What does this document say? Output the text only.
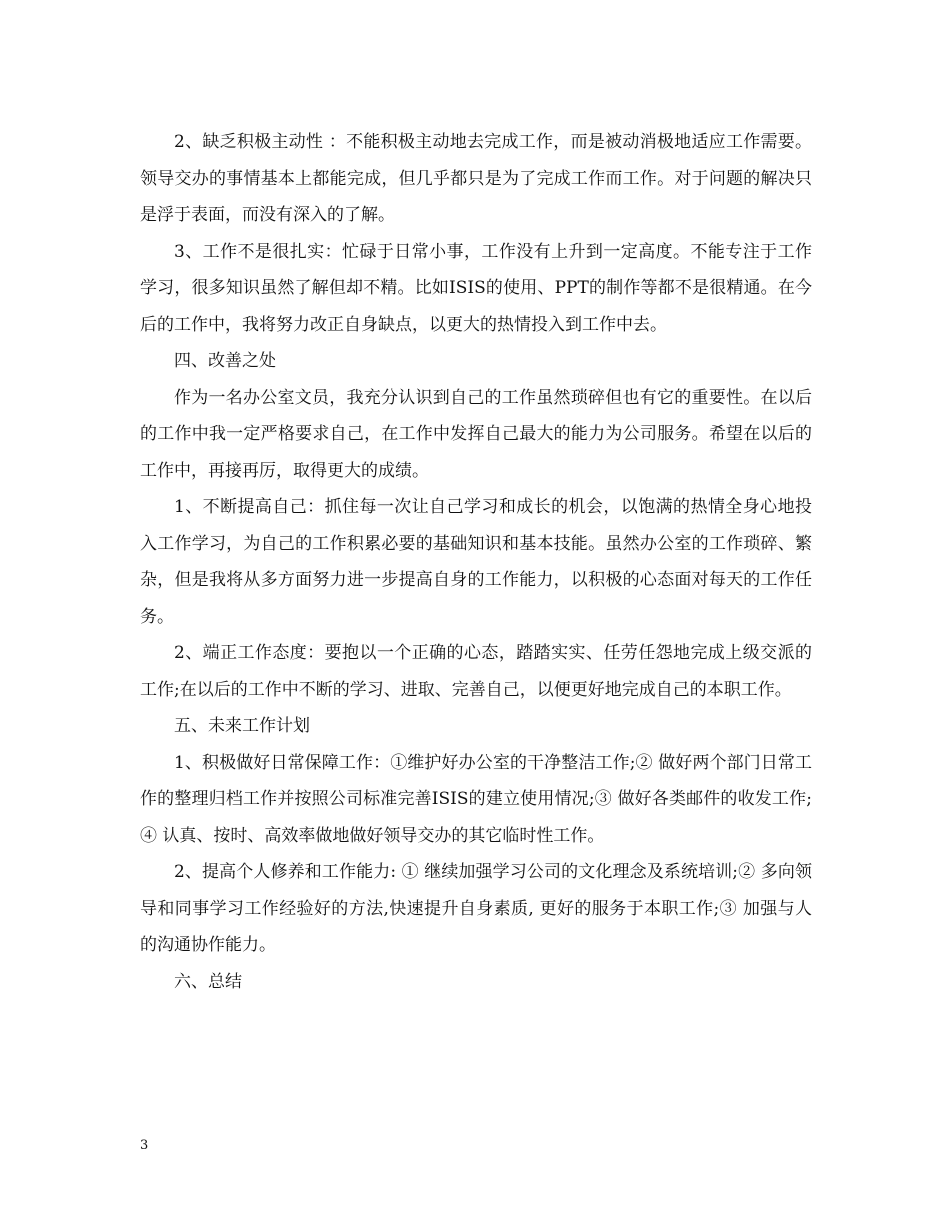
2、缺乏积极主动性 ：不能积极主动地去完成工作，而是被动消极地适应工作需要。领导交办的事情基本上都能完成，但几乎都只是为了完成工作而工作。对于问题的解决只是浮于表面，而没有深入的了解。

3、工作不是很扎实：忙碌于日常小事，工作没有上升到一定高度。不能专注于工作学习，很多知识虽然了解但却不精。比如ISIS的使用、PPT的制作等都不是很精通。在今后的工作中，我将努力改正自身缺点，以更大的热情投入到工作中去。

四、改善之处

作为一名办公室文员，我充分认识到自己的工作虽然琐碎但也有它的重要性。在以后的工作中我一定严格要求自己，在工作中发挥自己最大的能力为公司服务。希望在以后的工作中，再接再厉，取得更大的成绩。

1、不断提高自己：抓住每一次让自己学习和成长的机会，以饱满的热情全身心地投入工作学习，为自己的工作积累必要的基础知识和基本技能。虽然办公室的工作琐碎、繁杂，但是我将从多方面努力进一步提高自身的工作能力，以积极的心态面对每天的工作任务。

2、端正工作态度：要抱以一个正确的心态，踏踏实实、任劳任怨地完成上级交派的工作;在以后的工作中不断的学习、进取、完善自己，以便更好地完成自己的本职工作。

五、未来工作计划

1、积极做好日常保障工作：①维护好办公室的干净整洁工作;② 做好两个部门日常工作的整理归档工作并按照公司标准完善ISIS的建立使用情况;③ 做好各类邮件的收发工作; ④ 认真、按时、高效率做地做好领导交办的其它临时性工作。

2、提高个人修养和工作能力: ① 继续加强学习公司的文化理念及系统培训;② 多向领导和同事学习工作经验好的方法,快速提升自身素质, 更好的服务于本职工作;③ 加强与人的沟通协作能力。

六、总结

3
